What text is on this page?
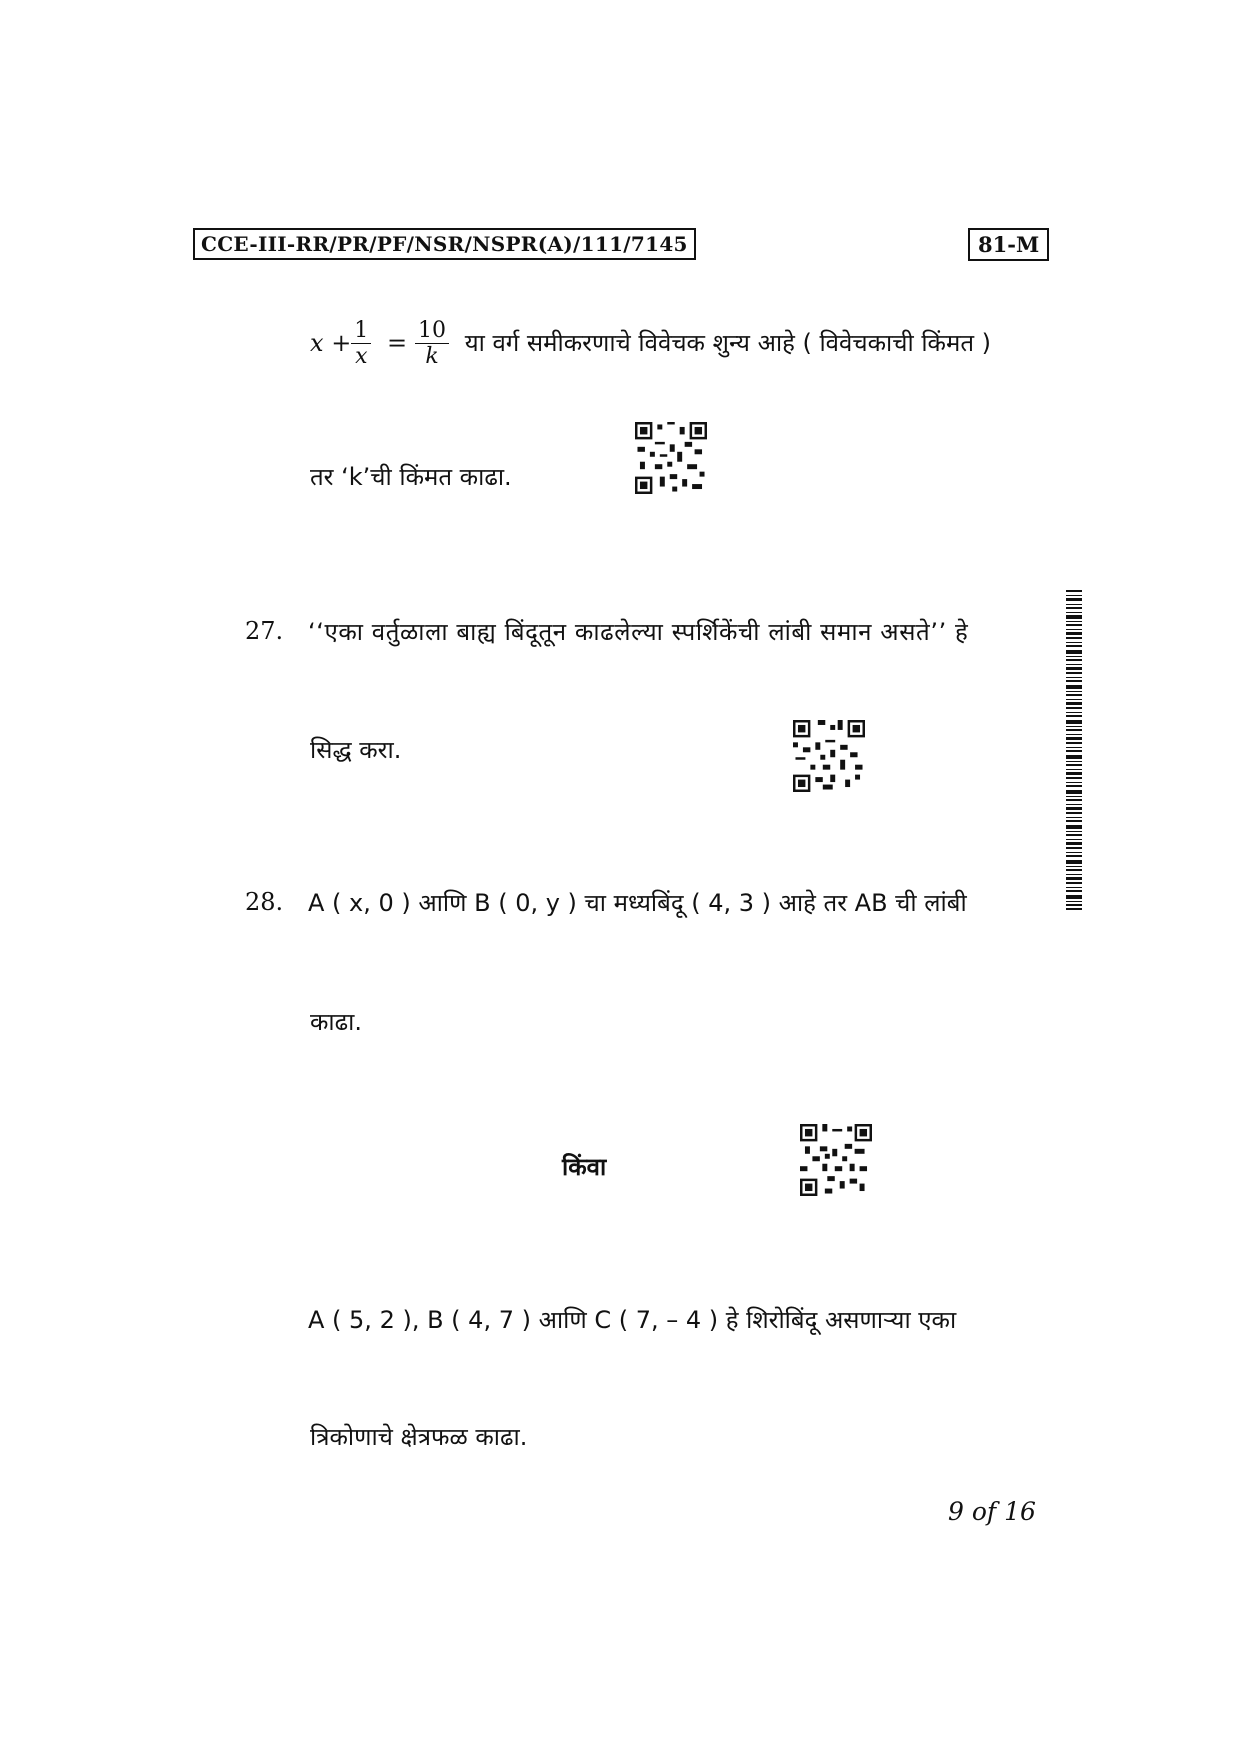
CCE-III-RR/PR/PF/NSR/NSPR(A)/111/7145	81-M
$x + \frac{1}{x} = \frac{10}{k}$ या वर्ग समीकरणाचे विवेचक शुन्य आहे ( विवेचकाची किंमत )
तर ‘k’ची किंमत काढा.
27. ‘‘एका वर्तुळाला बाह्य बिंदूतून काढलेल्या स्पर्शिकेंची लांबी समान असते’’ हे
सिद्ध करा.
28. A ( x, 0 ) आणि B ( 0, y ) चा मध्यबिंदू ( 4, 3 ) आहे तर AB ची लांबी
काढा.
किंवा
A ( 5, 2 ), B ( 4, 7 ) आणि C ( 7, – 4 ) हे शिरोबिंदू असणाऱ्या एका
त्रिकोणाचे क्षेत्रफळ काढा.
9 of 16
